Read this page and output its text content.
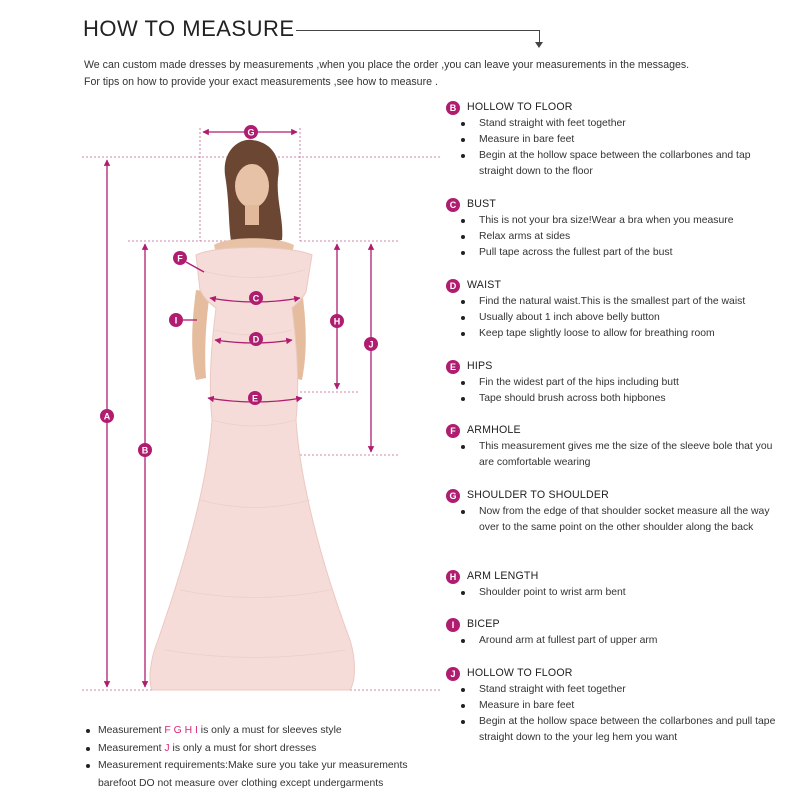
HOW TO MEASURE
We can custom made dresses by measurements ,when you place the order ,you can leave your measurements in the messages.
For tips on how to provide your exact measurements ,see how to measure .
A
B
C
D
E
F
G
H
I
J
B	HOLLOW TO FLOOR
Stand straight with feet together
Measure in bare feet
Begin at the hollow space between the collarbones and tap straight down to the floor
C	BUST
This is not your bra size!Wear a bra when you measure
Relax arms at sides
Pull tape across the fullest part of the bust
D	WAIST
Find the natural waist.This is the smallest part of the waist
Usually about 1 inch above belly button
Keep tape slightly loose to allow for breathing room
E	HIPS
Fin the widest part of the hips including butt
Tape should brush across both hipbones
F	ARMHOLE
This measurement gives me the size of the sleeve bole that you are comfortable wearing
G SHOULDER TO SHOULDER
Now from the edge of that shoulder socket measure all the way over to the same point on the other shoulder along the back
H	ARM LENGTH
Shoulder point to wrist arm bent
I	BICEP
Around arm at fullest part of upper arm
J	HOLLOW TO FLOOR
Stand straight with feet together
Measure in bare feet
Begin at the hollow space between the collarbones and pull tape straight down to the your leg hem you want
Measurement F G H I is only a must for sleeves style
Measurement J is only a must for short dresses
Measurement requirements:Make sure you take yur measurements
barefoot DO not measure over clothing except undergarments
